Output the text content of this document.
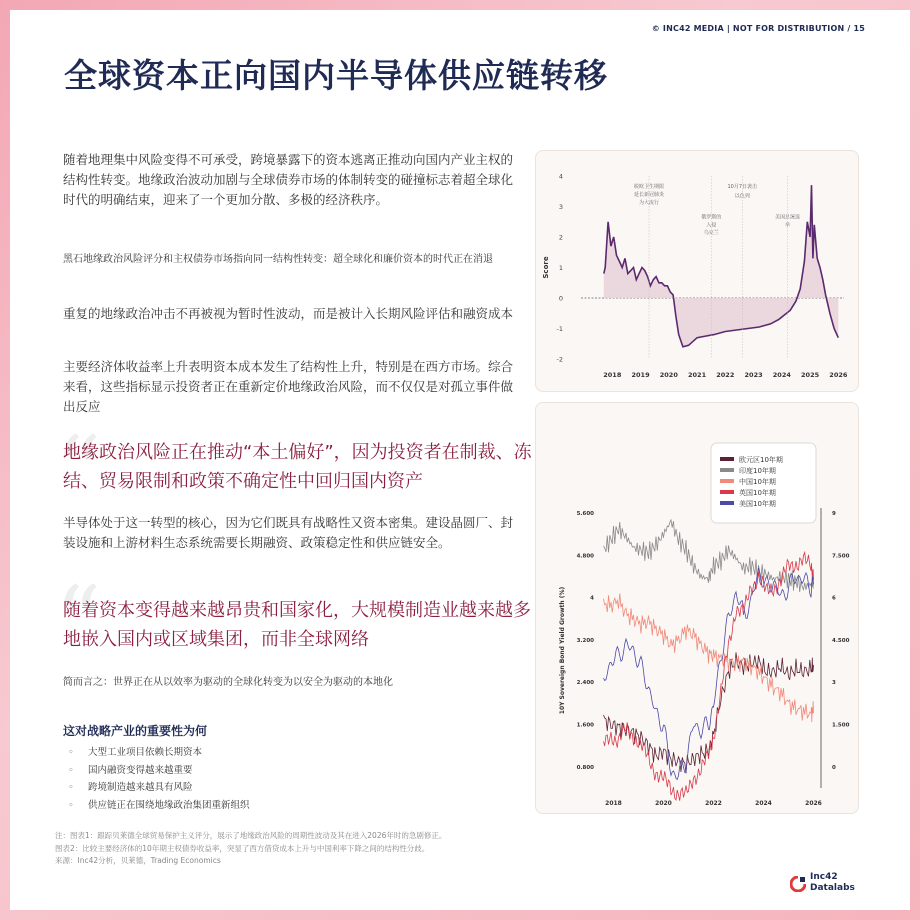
© INC42 MEDIA | NOT FOR DISTRIBUTION / 15
全球资本正向国内半导体供应链转移
随着地理集中风险变得不可承受，跨境暴露下的资本逃离正推动向国内产业主权的结构性转变。地缘政治波动加剧与全球债券市场的体制转变的碰撞标志着超全球化时代的明确结束，迎来了一个更加分散、多极的经济秩序。
黑石地缘政治风险评分和主权债券市场指向同一结构性转变：超全球化和廉价资本的时代正在消退
重复的地缘政治冲击不再被视为暂时性波动，而是被计入长期风险评估和融资成本
主要经济体收益率上升表明资本成本发生了结构性上升，特别是在西方市场。综合来看，这些指标显示投资者正在重新定价地缘政治风险，而不仅仅是对孤立事件做出反应
“
地缘政治风险正在推动“本土偏好”，因为投资者在制裁、冻结、贸易限制和政策不确定性中回归国内资产
半导体处于这一转型的核心，因为它们既具有战略性又资本密集。建设晶圆厂、封装设施和上游材料生态系统需要长期融资、政策稳定性和供应链安全。
“
随着资本变得越来越昂贵和国家化，大规模制造业越来越多地嵌入国内或区域集团，而非全球网络
简而言之：世界正在从以效率为驱动的全球化转变为以安全为驱动的本地化
这对战略产业的重要性为何
◦ 大型工业项目依赖长期资本
◦ 国内融资变得越来越重要
◦ 跨境制造越来越具有风险
◦ 供应链正在围绕地缘政治集团重新组织
注：图表1：跟踪贝莱德全球贸易保护主义评分，展示了地缘政治风险的周期性波动及其在进入2026年时的急剧修正。
图表2：比较主要经济体的10年期主权债券收益率，突显了西方借贷成本上升与中国利率下降之间的结构性分歧。
来源：Inc42分析，贝莱德，Trading Economics
Score
4
3
2
1
0
-1
-2
2018 2019 2020 2021 2022 2023 2024 2025 2026
脱欧卫生期限
延长新冠肺炎
为大流行
10月7日袭击
以色列
俄罗斯的
入侵
乌克兰
美国总统选
举
欧元区10年期
印度10年期
中国10年期
英国10年期
美国10年期
10Y Sovereign Bond Yield Growth (%)
5.600
4.800
4
3.200
2.400
1.600
0.800
9
7.500
6
4.500
3
1.500
0
2018	2020	2022	2024	2026
Inc42
Datalabs
